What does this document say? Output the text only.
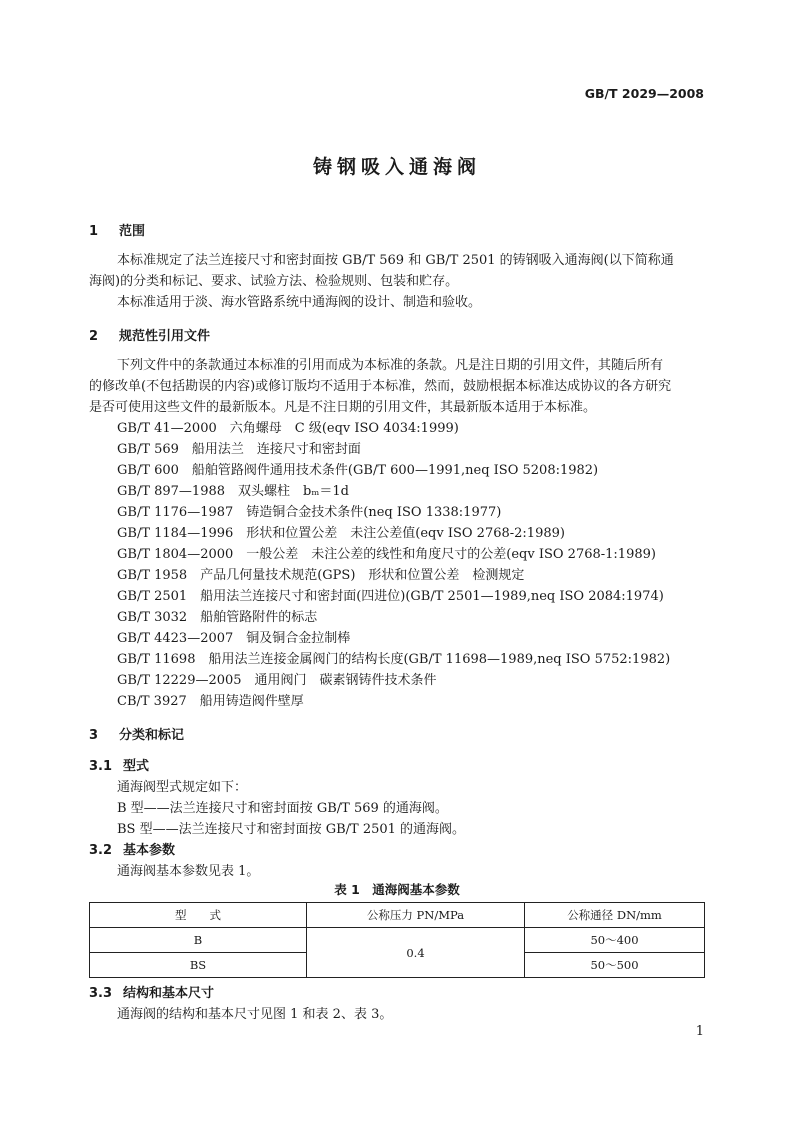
GB/T 2029—2008
铸钢吸入通海阀
1 范围
本标准规定了法兰连接尺寸和密封面按 GB/T 569 和 GB/T 2501 的铸钢吸入通海阀(以下简称通
海阀)的分类和标记、要求、试验方法、检验规则、包装和贮存。
本标准适用于淡、海水管路系统中通海阀的设计、制造和验收。
2 规范性引用文件
下列文件中的条款通过本标准的引用而成为本标准的条款。凡是注日期的引用文件，其随后所有
的修改单(不包括勘误的内容)或修订版均不适用于本标准，然而，鼓励根据本标准达成协议的各方研究
是否可使用这些文件的最新版本。凡是不注日期的引用文件，其最新版本适用于本标准。
GB/T 41—2000　六角螺母　C 级(eqv ISO 4034:1999)
GB/T 569　船用法兰　连接尺寸和密封面
GB/T 600　船舶管路阀件通用技术条件(GB/T 600—1991,neq ISO 5208:1982)
GB/T 897—1988　双头螺柱　bₘ＝1d
GB/T 1176—1987　铸造铜合金技术条件(neq ISO 1338:1977)
GB/T 1184—1996　形状和位置公差　未注公差值(eqv ISO 2768-2:1989)
GB/T 1804—2000　一般公差　未注公差的线性和角度尺寸的公差(eqv ISO 2768-1:1989)
GB/T 1958　产品几何量技术规范(GPS)　形状和位置公差　检测规定
GB/T 2501　船用法兰连接尺寸和密封面(四进位)(GB/T 2501—1989,neq ISO 2084:1974)
GB/T 3032　船舶管路附件的标志
GB/T 4423—2007　铜及铜合金拉制棒
GB/T 11698　船用法兰连接金属阀门的结构长度(GB/T 11698—1989,neq ISO 5752:1982)
GB/T 12229—2005　通用阀门　碳素钢铸件技术条件
CB/T 3927　船用铸造阀件壁厚
3 分类和标记
3.1 型式
通海阀型式规定如下：
B 型——法兰连接尺寸和密封面按 GB/T 569 的通海阀。
BS 型——法兰连接尺寸和密封面按 GB/T 2501 的通海阀。
3.2 基本参数
通海阀基本参数见表 1。
表 1　通海阀基本参数
型　　式	公称压力 PN/MPa	公称通径 DN/mm
B	0.4	50～400
BS		50～500
3.3 结构和基本尺寸
通海阀的结构和基本尺寸见图 1 和表 2、表 3。
1
